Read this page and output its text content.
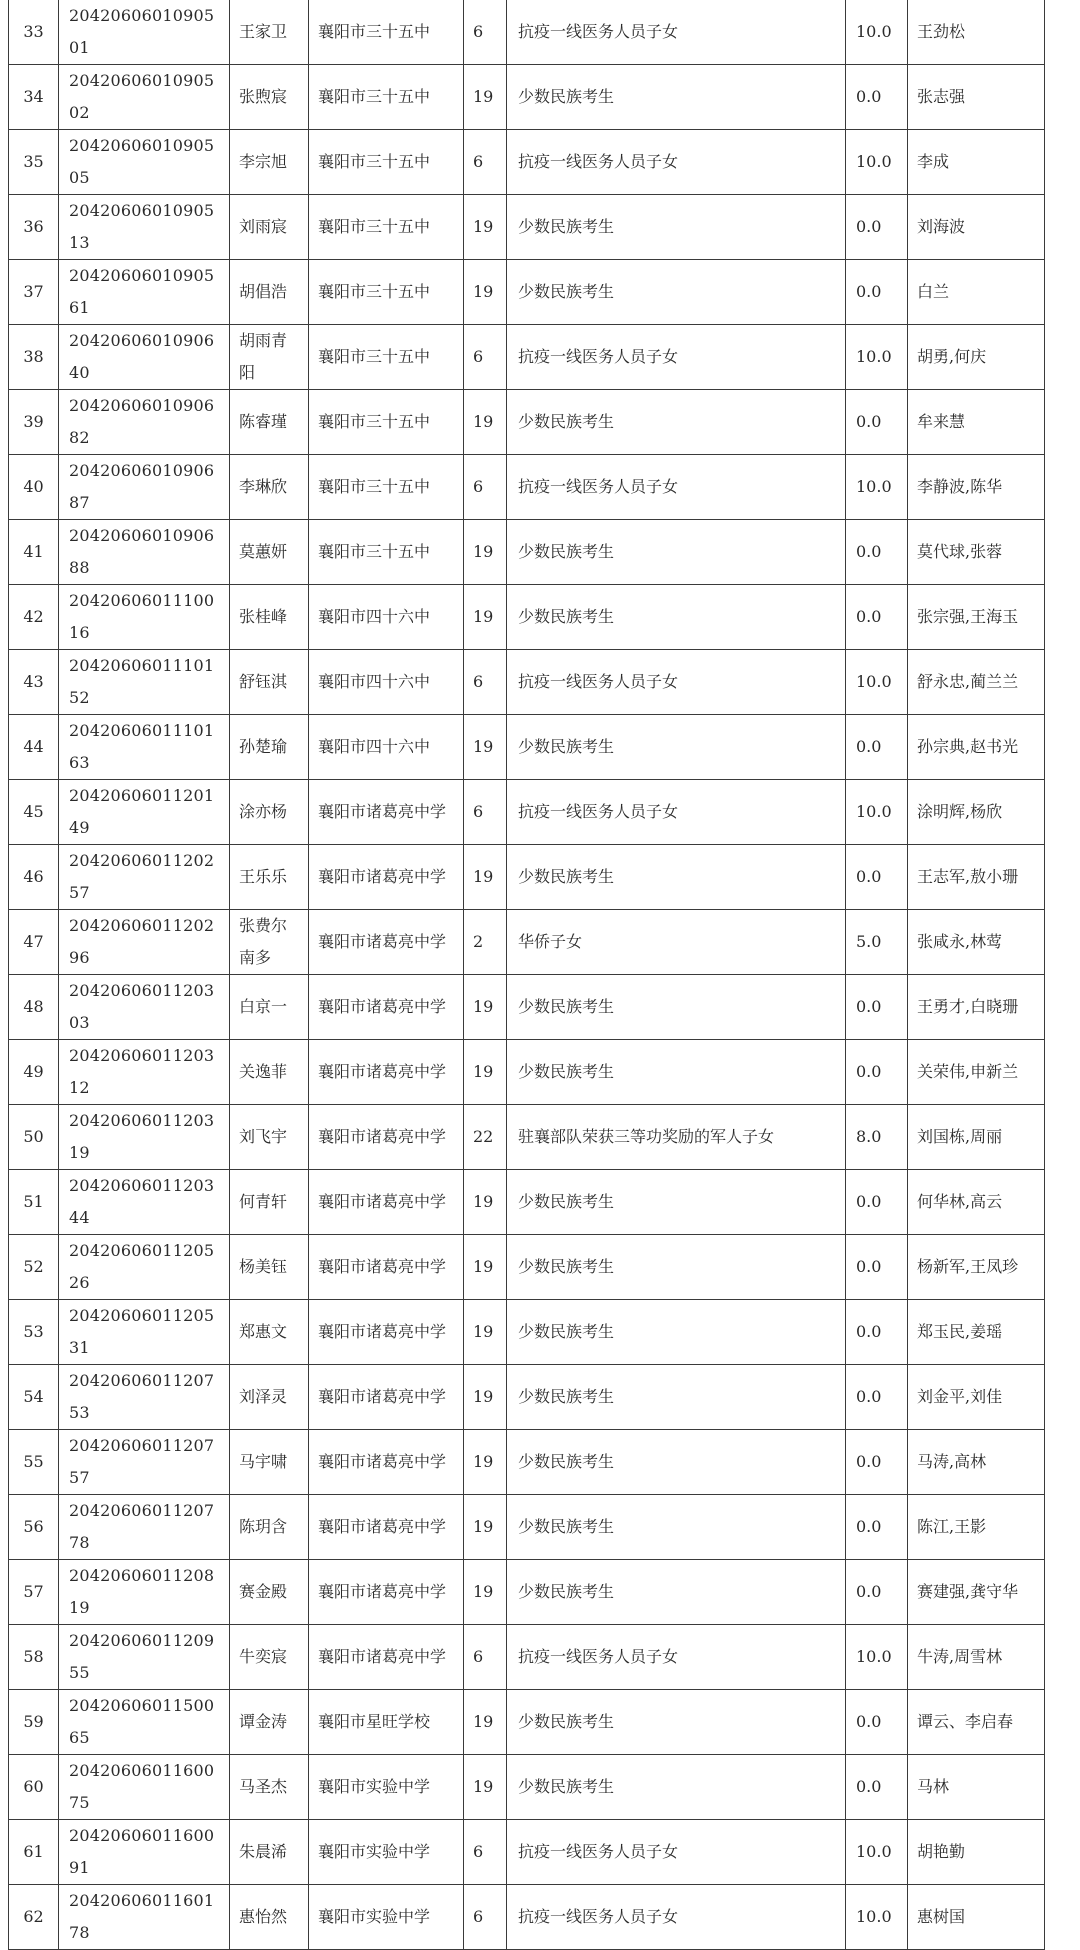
33	2042060601090501	王家卫	襄阳市三十五中	6	抗疫一线医务人员子女	10.0	王劲松
34	2042060601090502	张煦宸	襄阳市三十五中	19	少数民族考生	0.0	张志强
35	2042060601090505	李宗旭	襄阳市三十五中	6	抗疫一线医务人员子女	10.0	李成
36	2042060601090513	刘雨宸	襄阳市三十五中	19	少数民族考生	0.0	刘海波
37	2042060601090561	胡倡浩	襄阳市三十五中	19	少数民族考生	0.0	白兰
38	2042060601090640	胡雨青阳	襄阳市三十五中	6	抗疫一线医务人员子女	10.0	胡勇,何庆
39	2042060601090682	陈睿瑾	襄阳市三十五中	19	少数民族考生	0.0	牟来慧
40	2042060601090687	李琳欣	襄阳市三十五中	6	抗疫一线医务人员子女	10.0	李静波,陈华
41	2042060601090688	莫蕙妍	襄阳市三十五中	19	少数民族考生	0.0	莫代球,张蓉
42	2042060601110016	张桂峰	襄阳市四十六中	19	少数民族考生	0.0	张宗强,王海玉
43	2042060601110152	舒钰淇	襄阳市四十六中	6	抗疫一线医务人员子女	10.0	舒永忠,蔺兰兰
44	2042060601110163	孙楚瑜	襄阳市四十六中	19	少数民族考生	0.0	孙宗典,赵书光
45	2042060601120149	涂亦杨	襄阳市诸葛亮中学	6	抗疫一线医务人员子女	10.0	涂明辉,杨欣
46	2042060601120257	王乐乐	襄阳市诸葛亮中学	19	少数民族考生	0.0	王志军,敖小珊
47	2042060601120296	张费尔南多	襄阳市诸葛亮中学	2	华侨子女	5.0	张咸永,林莺
48	2042060601120303	白京一	襄阳市诸葛亮中学	19	少数民族考生	0.0	王勇才,白晓珊
49	2042060601120312	关逸菲	襄阳市诸葛亮中学	19	少数民族考生	0.0	关荣伟,申新兰
50	2042060601120319	刘飞宇	襄阳市诸葛亮中学	22	驻襄部队荣获三等功奖励的军人子女	8.0	刘国栋,周丽
51	2042060601120344	何青轩	襄阳市诸葛亮中学	19	少数民族考生	0.0	何华林,高云
52	2042060601120526	杨美钰	襄阳市诸葛亮中学	19	少数民族考生	0.0	杨新军,王凤珍
53	2042060601120531	郑惠文	襄阳市诸葛亮中学	19	少数民族考生	0.0	郑玉民,姜瑶
54	2042060601120753	刘泽灵	襄阳市诸葛亮中学	19	少数民族考生	0.0	刘金平,刘佳
55	2042060601120757	马宇啸	襄阳市诸葛亮中学	19	少数民族考生	0.0	马涛,高林
56	2042060601120778	陈玥含	襄阳市诸葛亮中学	19	少数民族考生	0.0	陈江,王影
57	2042060601120819	赛金殿	襄阳市诸葛亮中学	19	少数民族考生	0.0	赛建强,龚守华
58	2042060601120955	牛奕宸	襄阳市诸葛亮中学	6	抗疫一线医务人员子女	10.0	牛涛,周雪林
59	2042060601150065	谭金涛	襄阳市星旺学校	19	少数民族考生	0.0	谭云、李启春
60	2042060601160075	马圣杰	襄阳市实验中学	19	少数民族考生	0.0	马林
61	2042060601160091	朱晨浠	襄阳市实验中学	6	抗疫一线医务人员子女	10.0	胡艳勤
62	2042060601160178	惠怡然	襄阳市实验中学	6	抗疫一线医务人员子女	10.0	惠树国
